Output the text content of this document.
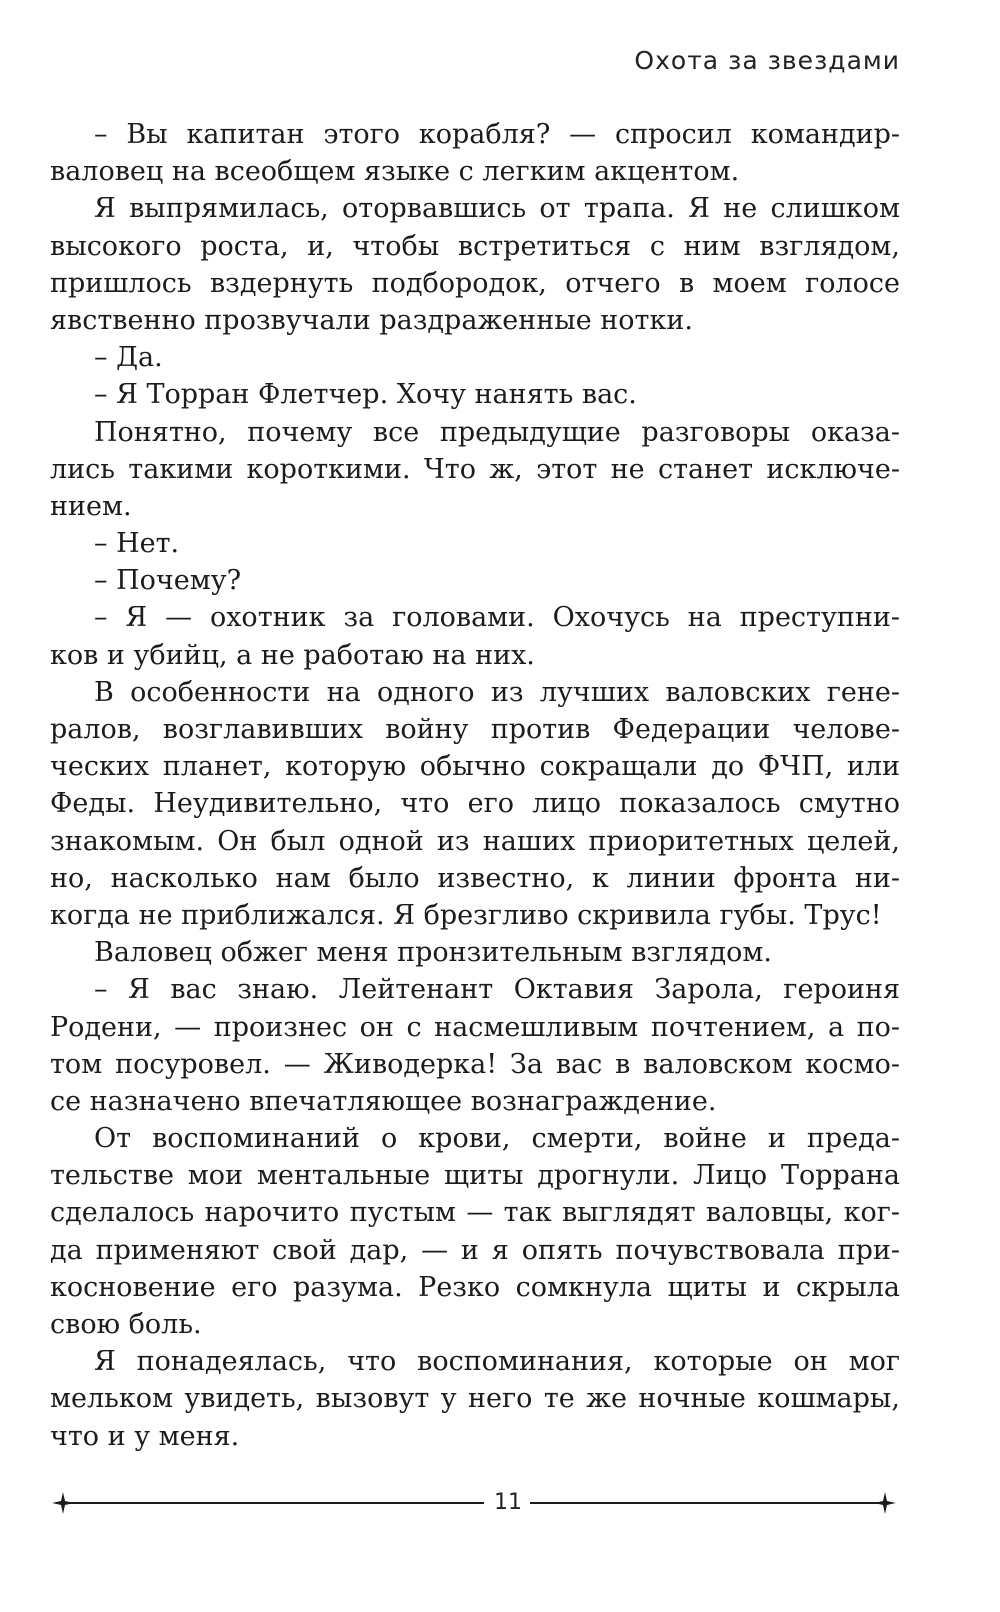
Охота за звездами
– Вы капитан этого корабля? — спросил командир-
валовец на всеобщем языке с легким акцентом.
Я выпрямилась, оторвавшись от трапа. Я не слишком
высокого роста, и, чтобы встретиться с ним взглядом,
пришлось вздернуть подбородок, отчего в моем голосе
явственно прозвучали раздраженные нотки.
– Да.
– Я Торран Флетчер. Хочу нанять вас.
Понятно, почему все предыдущие разговоры оказа-
лись такими короткими. Что ж, этот не станет исключе-
нием.
– Нет.
– Почему?
– Я — охотник за головами. Охочусь на преступни-
ков и убийц, а не работаю на них.
В особенности на одного из лучших валовских гене-
ралов, возглавивших войну против Федерации челове-
ческих планет, которую обычно сокращали до ФЧП, или
Феды. Неудивительно, что его лицо показалось смутно
знакомым. Он был одной из наших приоритетных целей,
но, насколько нам было известно, к линии фронта ни-
когда не приближался. Я брезгливо скривила губы. Трус!
Валовец обжег меня пронзительным взглядом.
– Я вас знаю. Лейтенант Октавия Зарола, героиня
Родени, — произнес он с насмешливым почтением, а по-
том посуровел. — Живодерка! За вас в валовском космо-
се назначено впечатляющее вознаграждение.
От воспоминаний о крови, смерти, войне и преда-
тельстве мои ментальные щиты дрогнули. Лицо Торрана
сделалось нарочито пустым — так выглядят валовцы, ког-
да применяют свой дар, — и я опять почувствовала при-
косновение его разума. Резко сомкнула щиты и скрыла
свою боль.
Я понадеялась, что воспоминания, которые он мог
мельком увидеть, вызовут у него те же ночные кошмары,
что и у меня.
11
